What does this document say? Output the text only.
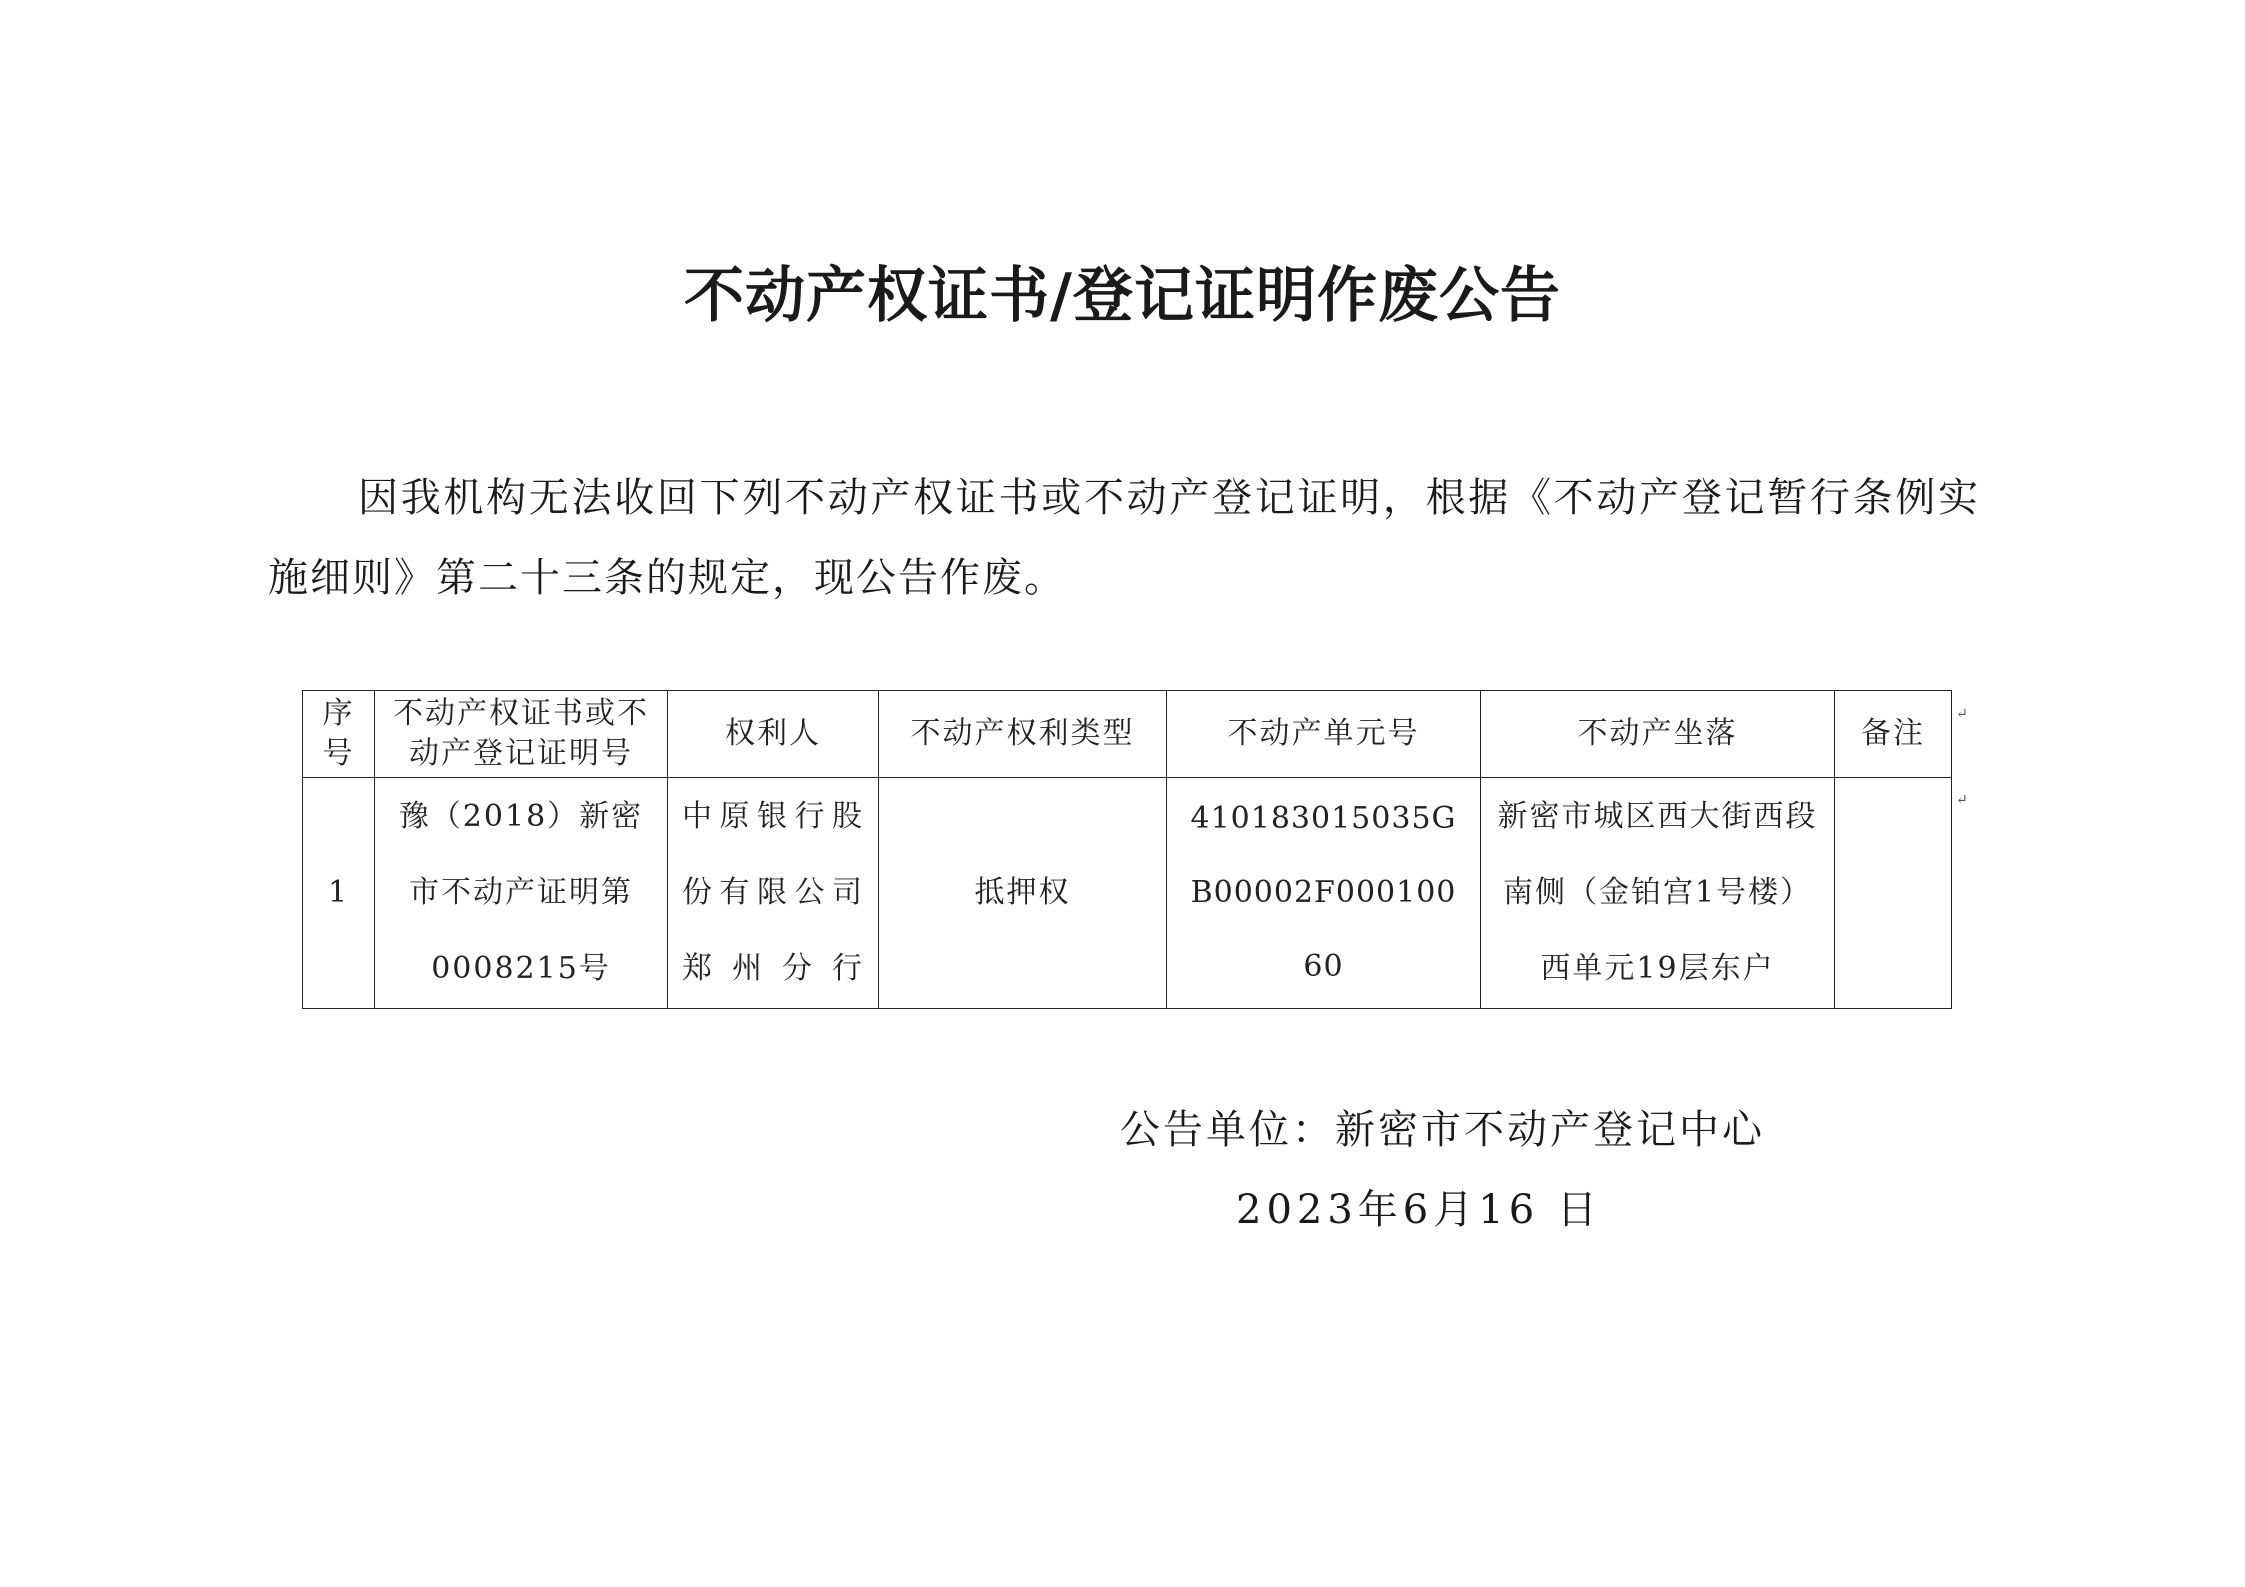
不动产权证书/登记证明作废公告
因我机构无法收回下列不动产权证书或不动产登记证明，根据《不动产登记暂行条例实施细则》第二十三条的规定，现公告作废。
序号	不动产权证书或不动产登记证明号	权利人	不动产权利类型	不动产单元号	不动产坐落	备注
1	豫（2018）新密市不动产证明第0008215号	中原银行股份有限公司郑州分行	抵押权	410183015035GB00002F00010060	新密市城区西大街西段南侧（金铂宫1号楼）西单元19层东户	
↵
↵
公告单位：新密市不动产登记中心
2023年6月16 日
